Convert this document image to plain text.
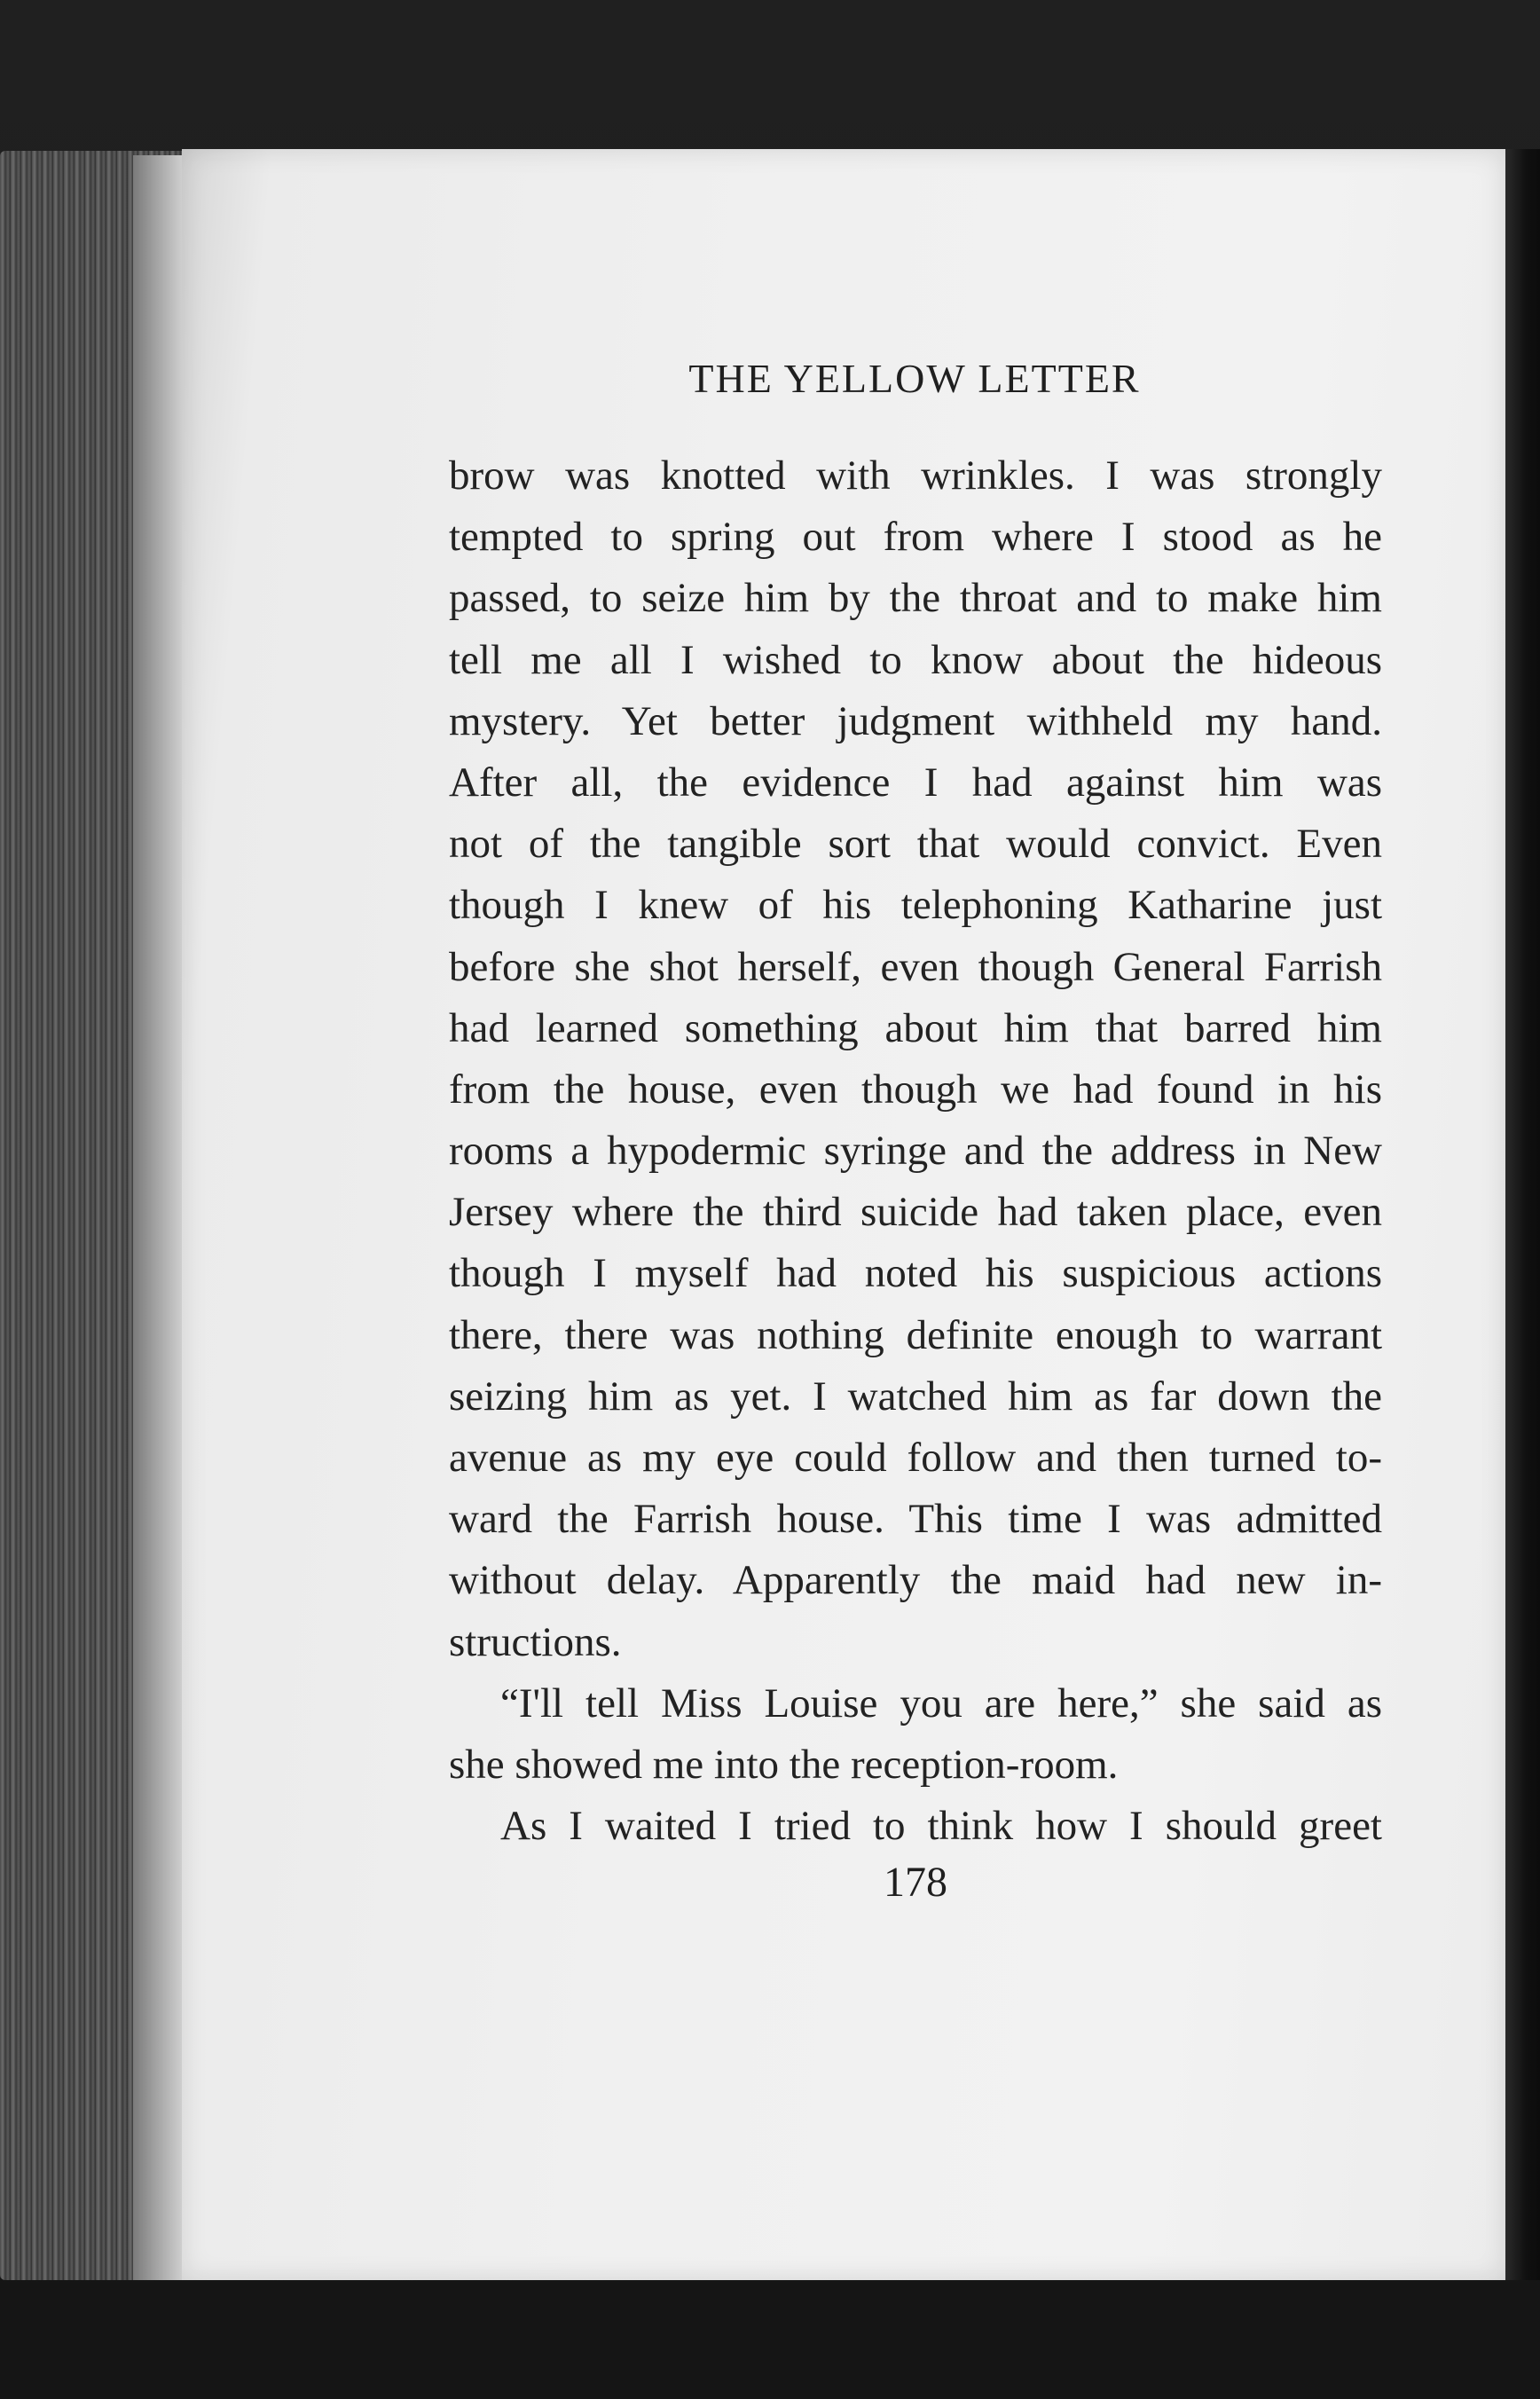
THE YELLOW LETTER
brow was knotted with wrinkles. I was strongly
tempted to spring out from where I stood as he
passed, to seize him by the throat and to make him
tell me all I wished to know about the hideous
mystery. Yet better judgment withheld my hand.
After all, the evidence I had against him was
not of the tangible sort that would convict. Even
though I knew of his telephoning Katharine just
before she shot herself, even though General Farrish
had learned something about him that barred him
from the house, even though we had found in his
rooms a hypodermic syringe and the address in New
Jersey where the third suicide had taken place, even
though I myself had noted his suspicious actions
there, there was nothing definite enough to warrant
seizing him as yet. I watched him as far down the
avenue as my eye could follow and then turned to-
ward the Farrish house. This time I was admitted
without delay. Apparently the maid had new in-
structions.
“I'll tell Miss Louise you are here,” she said as
she showed me into the reception-room.
As I waited I tried to think how I should greet
178
